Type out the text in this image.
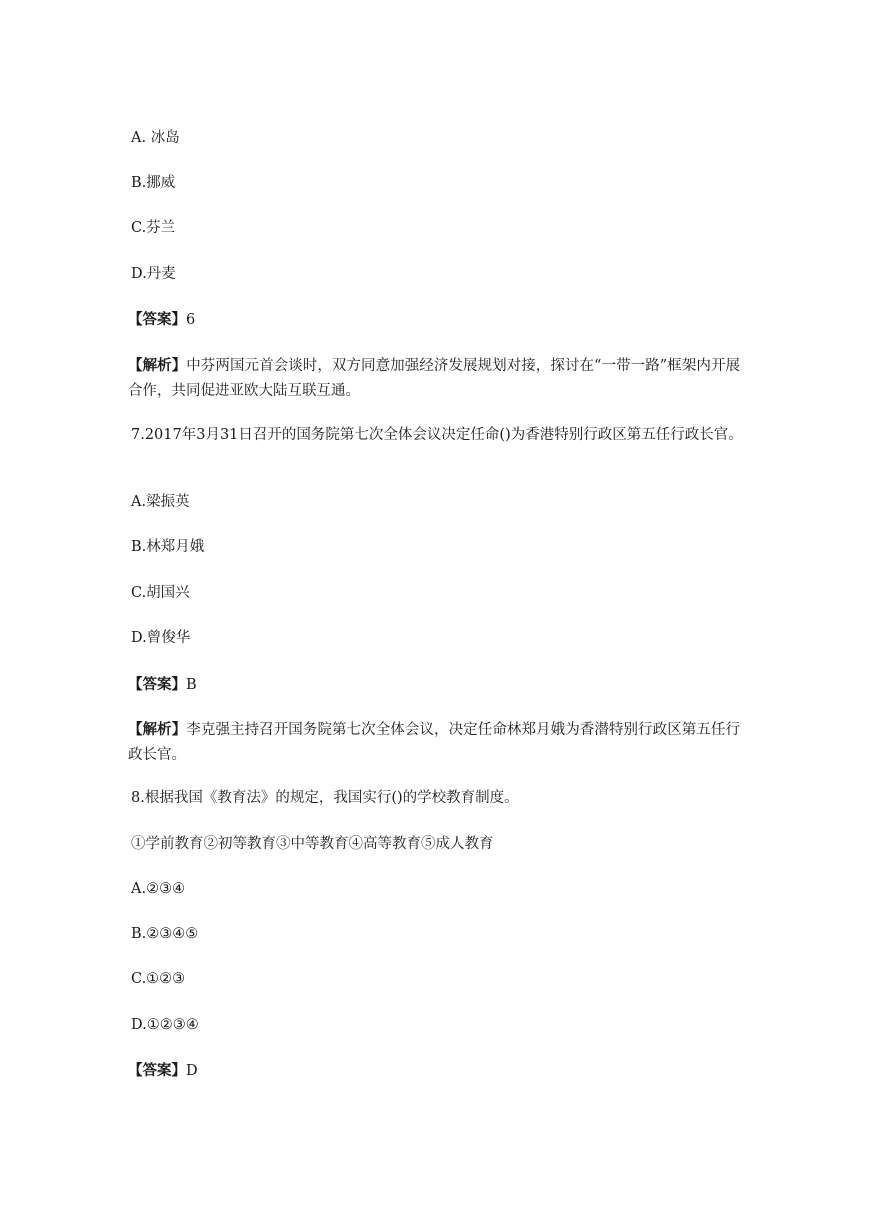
A. 冰岛
B.挪威
C.芬兰
D.丹麦
【答案】6
【解析】中芬两国元首会谈时，双方同意加强经济发展规划对接，探讨在“一带一路”框架内开展合作，共同促进亚欧大陆互联互通。
7.2017年3月31日召开的国务院第七次全体会议决定任命()为香港特别行政区第五任行政长官。
A.梁振英
B.林郑月娥
C.胡国兴
D.曾俊华
【答案】B
【解析】李克强主持召开国务院第七次全体会议，决定任命林郑月娥为香潜特别行政区第五任行政长官。
8.根据我国《教育法》的规定，我国实行()的学校教育制度。
①学前教育②初等教育③中等教育④高等教育⑤成人教育
A.②③④
B.②③④⑤
C.①②③
D.①②③④
【答案】D
